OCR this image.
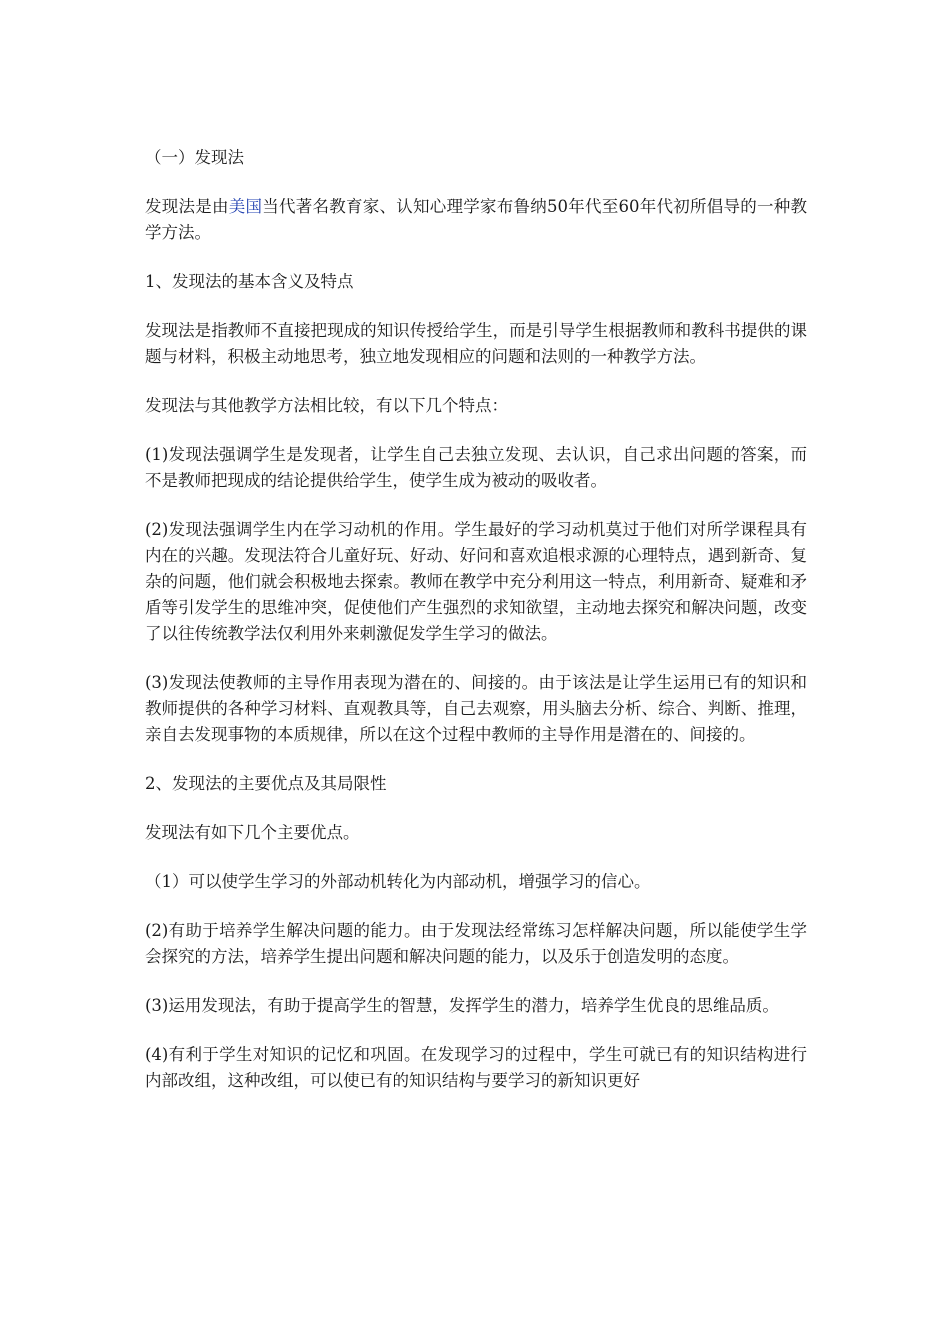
（一）发现法

发现法是由美国当代著名教育家、认知心理学家布鲁纳50年代至60年代初所倡导的一种教学方法。

1、发现法的基本含义及特点

发现法是指教师不直接把现成的知识传授给学生，而是引导学生根据教师和教科书提供的课题与材料，积极主动地思考，独立地发现相应的问题和法则的一种教学方法。

发现法与其他教学方法相比较，有以下几个特点：

(1)发现法强调学生是发现者，让学生自己去独立发现、去认识，自己求出问题的答案，而不是教师把现成的结论提供给学生，使学生成为被动的吸收者。

(2)发现法强调学生内在学习动机的作用。学生最好的学习动机莫过于他们对所学课程具有内在的兴趣。发现法符合儿童好玩、好动、好问和喜欢追根求源的心理特点，遇到新奇、复杂的问题，他们就会积极地去探索。教师在教学中充分利用这一特点，利用新奇、疑难和矛盾等引发学生的思维冲突，促使他们产生强烈的求知欲望，主动地去探究和解决问题，改变了以往传统教学法仅利用外来刺激促发学生学习的做法。

(3)发现法使教师的主导作用表现为潜在的、间接的。由于该法是让学生运用已有的知识和教师提供的各种学习材料、直观教具等，自己去观察，用头脑去分析、综合、判断、推理，亲自去发现事物的本质规律，所以在这个过程中教师的主导作用是潜在的、间接的。

2、发现法的主要优点及其局限性

发现法有如下几个主要优点。

（1）可以使学生学习的外部动机转化为内部动机，增强学习的信心。

(2)有助于培养学生解决问题的能力。由于发现法经常练习怎样解决问题，所以能使学生学会探究的方法，培养学生提出问题和解决问题的能力，以及乐于创造发明的态度。

(3)运用发现法，有助于提高学生的智慧，发挥学生的潜力，培养学生优良的思维品质。

(4)有利于学生对知识的记忆和巩固。在发现学习的过程中，学生可就已有的知识结构进行内部改组，这种改组，可以使已有的知识结构与要学习的新知识更好
